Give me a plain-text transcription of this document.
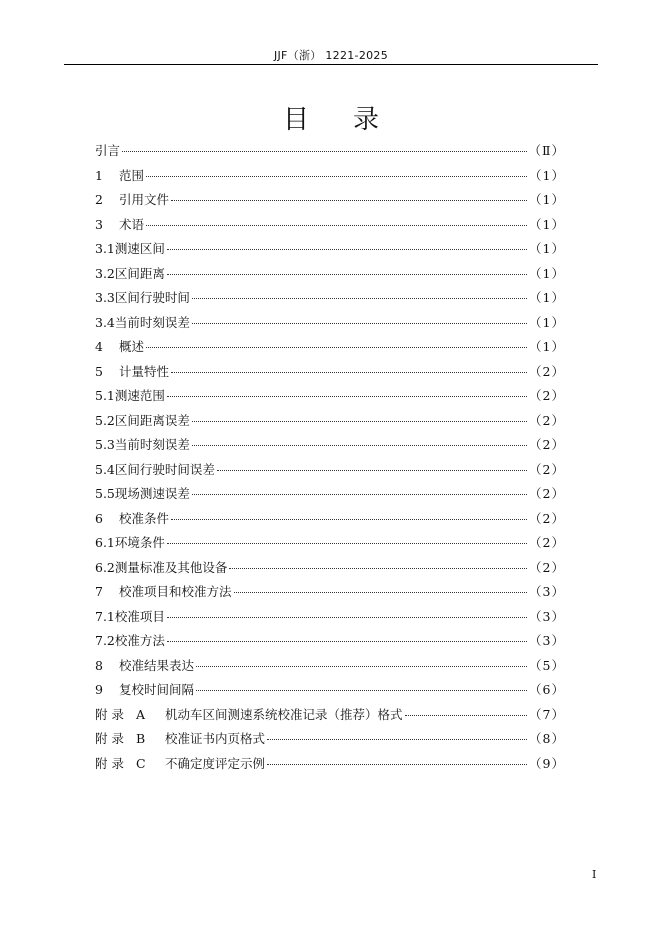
JJF（浙） 1221-2025
目录
引言	（Ⅱ）
1	范围	（1）
2	引用文件	（1）
3	术语	（1）
3.1 测速区间	（1）
3.2 区间距离	（1）
3.3 区间行驶时间	（1）
3.4 当前时刻误差	（1）
4	概述	（1）
5	计量特性	（2）
5.1 测速范围	（2）
5.2 区间距离误差	（2）
5.3 当前时刻误差	（2）
5.4 区间行驶时间误差	（2）
5.5 现场测速误差	（2）
6	校准条件	（2）
6.1 环境条件	（2）
6.2 测量标准及其他设备	（2）
7	校准项目和校准方法	（3）
7.1 校准项目	（3）
7.2 校准方法	（3）
8	校准结果表达	（5）
9	复校时间间隔	（6）
附录 A	机动车区间测速系统校准记录（推荐）格式	（7）
附录 B	校准证书内页格式	（8）
附录 C	不确定度评定示例	（9）
I
